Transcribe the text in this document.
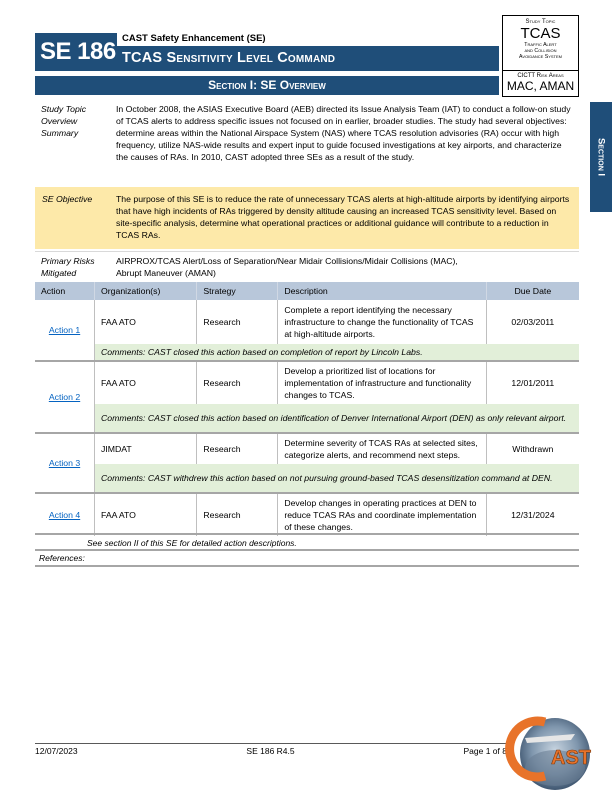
SE 186 CAST Safety Enhancement (SE)
TCAS Sensitivity Level Command
Section I: SE Overview
Study Topic
TCAS
Traffic Alert
and Collision
Avoidance System
CICTT Risk Areas
MAC, AMAN
Section I
Study Topic
Overview
Summary
In October 2008, the ASIAS Executive Board (AEB) directed its Issue Analysis Team (IAT) to conduct a follow-on study of TCAS alerts to address specific issues not focused on in earlier, broader studies. The study had several objectives: determine areas within the National Airspace System (NAS) where TCAS resolution advisories (RA) occur with high frequency, utilize NAS-wide results and expert input to guide focused investigations at key airports, and characterize the causes of RAs. In 2010, CAST adopted three SEs as a result of the study.
SE Objective	The purpose of this SE is to reduce the rate of unnecessary TCAS alerts at high-altitude airports by identifying airports that have high incidents of RAs triggered by density altitude causing an increased TCAS sensitivity level. Based on site-specific analysis, determine what operational practices or additional guidance will contribute to a reduction in TCAS RAs.
Primary Risks
Mitigated
AIRPROX/TCAS Alert/Loss of Separation/Near Midair Collisions/Midair Collisions (MAC),
Abrupt Maneuver (AMAN)
Action	Organization(s)	Strategy	Description	Due Date
Action 1	FAA ATO	Research	Complete a report identifying the necessary infrastructure to change the functionality of TCAS at high-altitude airports.	02/03/2011
	Comments: CAST closed this action based on completion of report by Lincoln Labs.			
Action 2	FAA ATO	Research	Develop a prioritized list of locations for implementation of infrastructure and functionality changes to TCAS.	12/01/2011
	Comments: CAST closed this action based on identification of Denver International Airport (DEN) as only relevant airport.			
Action 3	JIMDAT	Research	Determine severity of TCAS RAs at selected sites, categorize alerts, and recommend next steps.	Withdrawn
	Comments: CAST withdrew this action based on not pursuing ground-based TCAS desensitization command at DEN.			
Action 4	FAA ATO	Research	Develop changes in operating practices at DEN to reduce TCAS RAs and coordinate implementation of these changes.	12/31/2024
See section II of this SE for detailed action descriptions.
References:
12/07/2023	SE 186 R4.5	Page 1 of 8 AST
